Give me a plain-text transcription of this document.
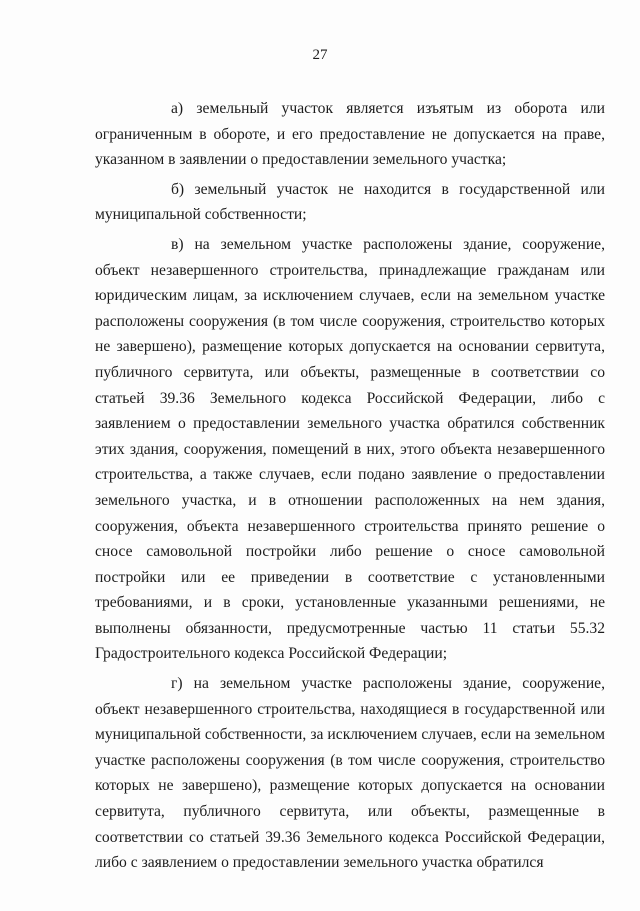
27

а) земельный участок является изъятым из оборота или ограниченным в обороте, и его предоставление не допускается на праве, указанном в заявлении о предоставлении земельного участка;

б) земельный участок не находится в государственной или муниципальной собственности;

в) на земельном участке расположены здание, сооружение, объект незавершенного строительства, принадлежащие гражданам или юридическим лицам, за исключением случаев, если на земельном участке расположены сооружения (в том числе сооружения, строительство которых не завершено), размещение которых допускается на основании сервитута, публичного сервитута, или объекты, размещенные в соответствии со статьей 39.36 Земельного кодекса Российской Федерации, либо с заявлением о предоставлении земельного участка обратился собственник этих здания, сооружения, помещений в них, этого объекта незавершенного строительства, а также случаев, если подано заявление о предоставлении земельного участка, и в отношении расположенных на нем здания, сооружения, объекта незавершенного строительства принято решение о сносе самовольной постройки либо решение о сносе самовольной постройки или ее приведении в соответствие с установленными требованиями, и в сроки, установленные указанными решениями, не выполнены обязанности, предусмотренные частью 11 статьи 55.32 Градостроительного кодекса Российской Федерации;

г) на земельном участке расположены здание, сооружение, объект незавершенного строительства, находящиеся в государственной или муниципальной собственности, за исключением случаев, если на земельном участке расположены сооружения (в том числе сооружения, строительство которых не завершено), размещение которых допускается на основании сервитута, публичного сервитута, или объекты, размещенные в соответствии со статьей 39.36 Земельного кодекса Российской Федерации, либо с заявлением о предоставлении земельного участка обратился
